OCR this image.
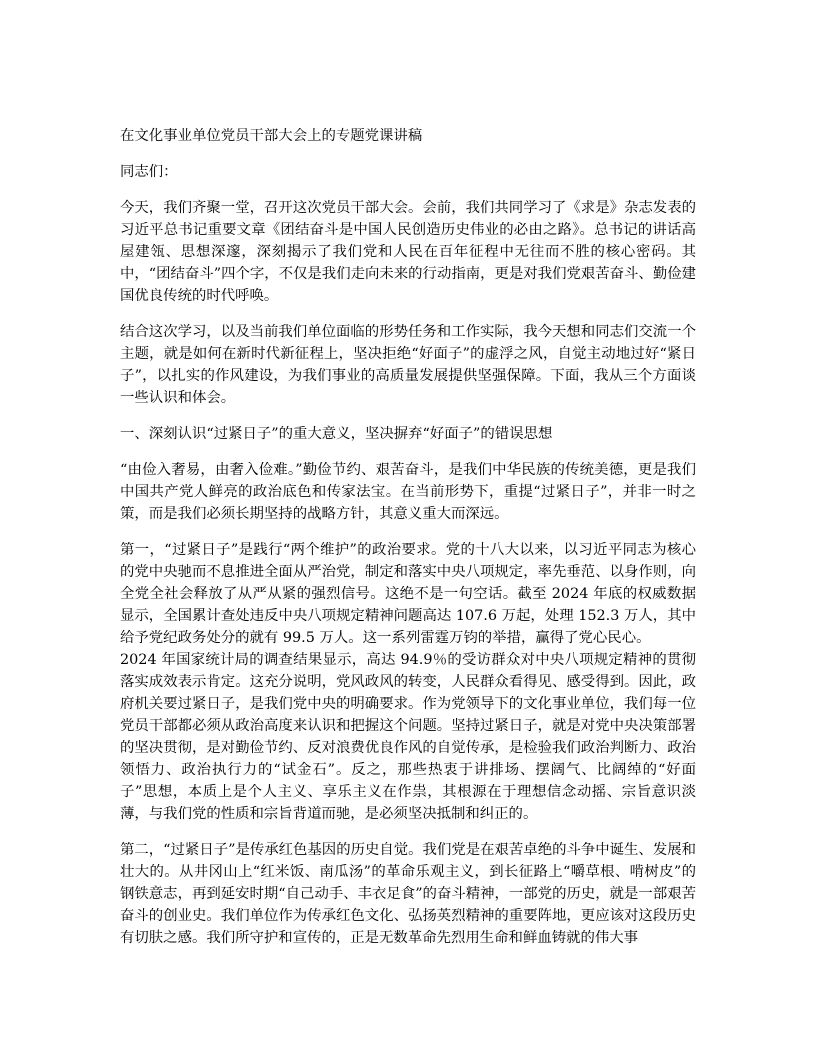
在文化事业单位党员干部大会上的专题党课讲稿
同志们：
今天，我们齐聚一堂，召开这次党员干部大会。会前，我们共同学习了《求是》杂志发表的习近平总书记重要文章《团结奋斗是中国人民创造历史伟业的必由之路》。总书记的讲话高屋建瓴、思想深邃，深刻揭示了我们党和人民在百年征程中无往而不胜的核心密码。其中，“团结奋斗”四个字，不仅是我们走向未来的行动指南，更是对我们党艰苦奋斗、勤俭建国优良传统的时代呼唤。
结合这次学习，以及当前我们单位面临的形势任务和工作实际，我今天想和同志们交流一个主题，就是如何在新时代新征程上，坚决拒绝“好面子”的虚浮之风，自觉主动地过好“紧日子”，以扎实的作风建设，为我们事业的高质量发展提供坚强保障。下面，我从三个方面谈一些认识和体会。
一、深刻认识“过紧日子”的重大意义，坚决摒弃“好面子”的错误思想
“由俭入奢易，由奢入俭难。”勤俭节约、艰苦奋斗，是我们中华民族的传统美德，更是我们中国共产党人鲜亮的政治底色和传家法宝。在当前形势下，重提“过紧日子”，并非一时之策，而是我们必须长期坚持的战略方针，其意义重大而深远。
第一，“过紧日子”是践行“两个维护”的政治要求。党的十八大以来，以习近平同志为核心的党中央驰而不息推进全面从严治党，制定和落实中央八项规定，率先垂范、以身作则，向全党全社会释放了从严从紧的强烈信号。这绝不是一句空话。截至 2024 年底的权威数据显示，全国累计查处违反中央八项规定精神问题高达 107.6 万起，处理 152.3 万人，其中给予党纪政务处分的就有 99.5 万人。这一系列雷霆万钧的举措，赢得了党心民心。
2024 年国家统计局的调查结果显示，高达 94.9％的受访群众对中央八项规定精神的贯彻落实成效表示肯定。这充分说明，党风政风的转变，人民群众看得见、感受得到。因此，政府机关要过紧日子，是我们党中央的明确要求。作为党领导下的文化事业单位，我们每一位党员干部都必须从政治高度来认识和把握这个问题。坚持过紧日子，就是对党中央决策部署的坚决贯彻，是对勤俭节约、反对浪费优良作风的自觉传承，是检验我们政治判断力、政治领悟力、政治执行力的“试金石”。反之，那些热衷于讲排场、摆阔气、比阔绰的“好面子”思想，本质上是个人主义、享乐主义在作祟，其根源在于理想信念动摇、宗旨意识淡薄，与我们党的性质和宗旨背道而驰，是必须坚决抵制和纠正的。
第二，“过紧日子”是传承红色基因的历史自觉。我们党是在艰苦卓绝的斗争中诞生、发展和壮大的。从井冈山上“红米饭、南瓜汤”的革命乐观主义，到长征路上“嚼草根、啃树皮”的钢铁意志，再到延安时期“自己动手、丰衣足食”的奋斗精神，一部党的历史，就是一部艰苦奋斗的创业史。我们单位作为传承红色文化、弘扬英烈精神的重要阵地，更应该对这段历史有切肤之感。我们所守护和宣传的，正是无数革命先烈用生命和鲜血铸就的伟大事
